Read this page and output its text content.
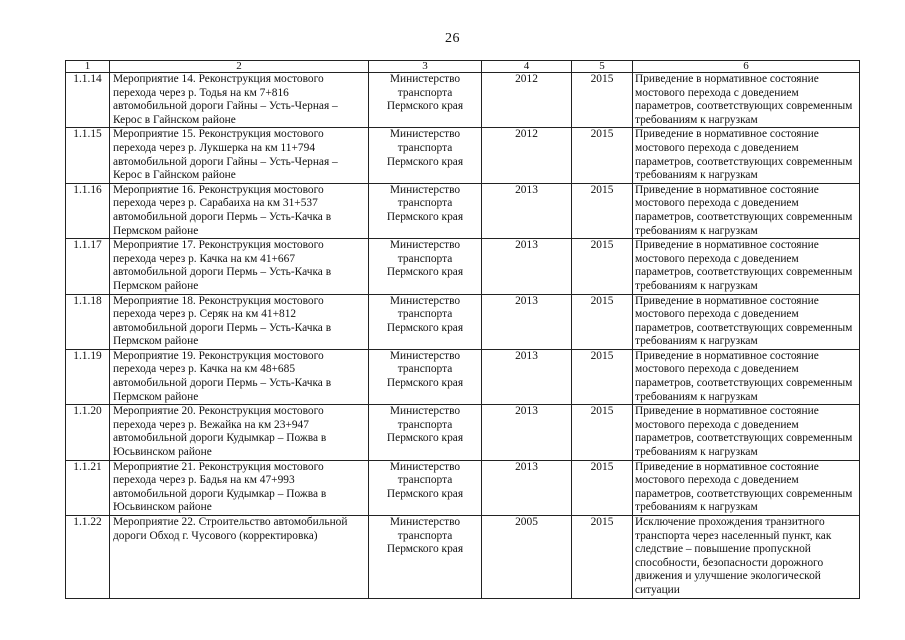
26
1	2	3	4	5	6
1.1.14	Мероприятие 14. Реконструкция мостового перехода через р. Тодья на км 7+816 автомобильной дороги Гайны – Усть-Черная – Керос в Гайнском районе	Министерство транспорта Пермского края	2012	2015	Приведение в нормативное состояние мостового перехода с доведением параметров, соответствующих современным требованиям к нагрузкам
1.1.15	Мероприятие 15. Реконструкция мостового перехода через р. Лукшерка на км 11+794 автомобильной дороги Гайны – Усть-Черная – Керос в Гайнском районе	Министерство транспорта Пермского края	2012	2015	Приведение в нормативное состояние мостового перехода с доведением параметров, соответствующих современным требованиям к нагрузкам
1.1.16	Мероприятие 16. Реконструкция мостового перехода через р. Сарабаиха на км 31+537 автомобильной дороги Пермь – Усть-Качка в Пермском районе	Министерство транспорта Пермского края	2013	2015	Приведение в нормативное состояние мостового перехода с доведением параметров, соответствующих современным требованиям к нагрузкам
1.1.17	Мероприятие 17. Реконструкция мостового перехода через р. Качка на км 41+667 автомобильной дороги Пермь – Усть-Качка в Пермском районе	Министерство транспорта Пермского края	2013	2015	Приведение в нормативное состояние мостового перехода с доведением параметров, соответствующих современным требованиям к нагрузкам
1.1.18	Мероприятие 18. Реконструкция мостового перехода через р. Серяк на км 41+812 автомобильной дороги Пермь – Усть-Качка в Пермском районе	Министерство транспорта Пермского края	2013	2015	Приведение в нормативное состояние мостового перехода с доведением параметров, соответствующих современным требованиям к нагрузкам
1.1.19	Мероприятие 19. Реконструкция мостового перехода через р. Качка на км 48+685 автомобильной дороги Пермь – Усть-Качка в Пермском районе	Министерство транспорта Пермского края	2013	2015	Приведение в нормативное состояние мостового перехода с доведением параметров, соответствующих современным требованиям к нагрузкам
1.1.20	Мероприятие 20. Реконструкция мостового перехода через р. Вежайка на км 23+947 автомобильной дороги Кудымкар – Пожва в Юсьвинском районе	Министерство транспорта Пермского края	2013	2015	Приведение в нормативное состояние мостового перехода с доведением параметров, соответствующих современным требованиям к нагрузкам
1.1.21	Мероприятие 21. Реконструкция мостового перехода через р. Бадья на км 47+993 автомобильной дороги Кудымкар – Пожва в Юсьвинском районе	Министерство транспорта Пермского края	2013	2015	Приведение в нормативное состояние мостового перехода с доведением параметров, соответствующих современным требованиям к нагрузкам
1.1.22	Мероприятие 22. Строительство автомобильной дороги Обход г. Чусового (корректировка)	Министерство транспорта Пермского края	2005	2015	Исключение прохождения транзитного транспорта через населенный пункт, как следствие – повышение пропускной способности, безопасности дорожного движения и улучшение экологической ситуации
